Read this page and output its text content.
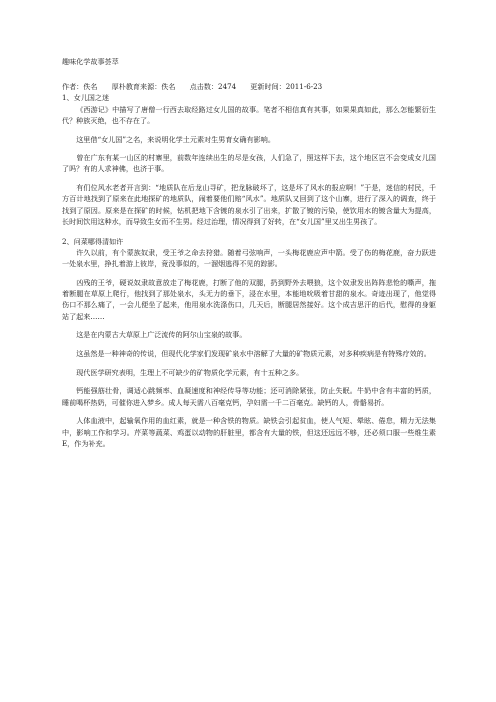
趣味化学故事荟萃

作者：佚名　　厚朴教育来源：佚名　　点击数：2474　　更新时间：2011-6-23

1、女儿国之迷

《西游记》中描写了唐僧一行西去取经路过女儿国的故事。笔者不相信真有其事，如果果真如此，那么怎能繁衍生代？种族灭绝，也不存在了。

这里借“女儿国”之名，来说明化学土元素对生男育女确有影响。

曾在广东有某一山区的村寨里，前数年连续出生的尽是女孩，人们急了，照这样下去，这个地区岂不会变成女儿国了吗？有的人求神佛，也济于事。

有们位风水老者开言到：“地质队在后龙山寻矿，把龙脉破坏了，这是坏了风水的报应啊！”于是，迷信的村民，千方百计地找到了原来在此地探矿的地质队，闹着要他们赔“风水”。地质队又回到了这个山寨，进行了深入的调查，终于找到了原因。原来是在探矿的时候，钻机把地下含镀的泉水引了出来，扩散了镀的污染，使饮用水的镀含量大为提高，长时间饮用这种水，而导致生女而不生男。经过治理，情况得到了好转，在“女儿国”里又出生男孩了。

2、问菜哪得清如许

许久以前，有个蒙族奴隶，受王爷之命去狩猎。随着弓弦响声，一头梅花鹿应声中箭。受了伤的梅花鹿，奋力跃进一处泉水里，挣扎着游上彼岸，竟没事似的，一溜烟逃得不见的踪影。

凶残的王爷，硬说奴隶故意放走了梅花鹿，打断了他的双腿，扔到野外去喂狼，这个奴隶发出阵阵悲怆的嘶声，拖着断腿在草原上爬行，他找到了那处泉水，头无力的垂下，浸在水里，本能地吮吸着甘甜的泉水。奇迹出现了，他觉得伤口不那么痛了，一会儿便坐了起来，他用泉水洗涤伤口，几天后，断腿居然接好。这个成吉思汗的后代，慰得的身躯站了起来……

这是在内蒙古大草原上广泛流传的阿尔山宝泉的故事。

这虽然是一种神奇的传说，但现代化学家们发现矿泉水中溶解了大量的矿物质元素，对多种疾病是有特殊疗效的。

现代医学研究表明，生理上不可缺少的矿物质化学元素，有十五种之多。

钙能强筋壮骨，调适心跳频率、血凝速度和神经传导等功能；还可消除紧张，防止失眠。牛奶中含有丰富的钙质，睡前喝杯热奶，可催你进入梦乡。成人每天需八百毫克钙，孕妇需一千二百毫克。缺钙的人，骨骼易折。

人体血液中，起输氧作用的血红素，就是一种含铁的物质。缺铁会引起贫血，使人气短、晕眩、倦怠，精力无法集中，影响工作和学习。芹菜等蔬菜、鸡蛋以动物的肝脏里，都含有大量的铁，但这还远远不够，还必须口服一些维生素 E，作为补充。
